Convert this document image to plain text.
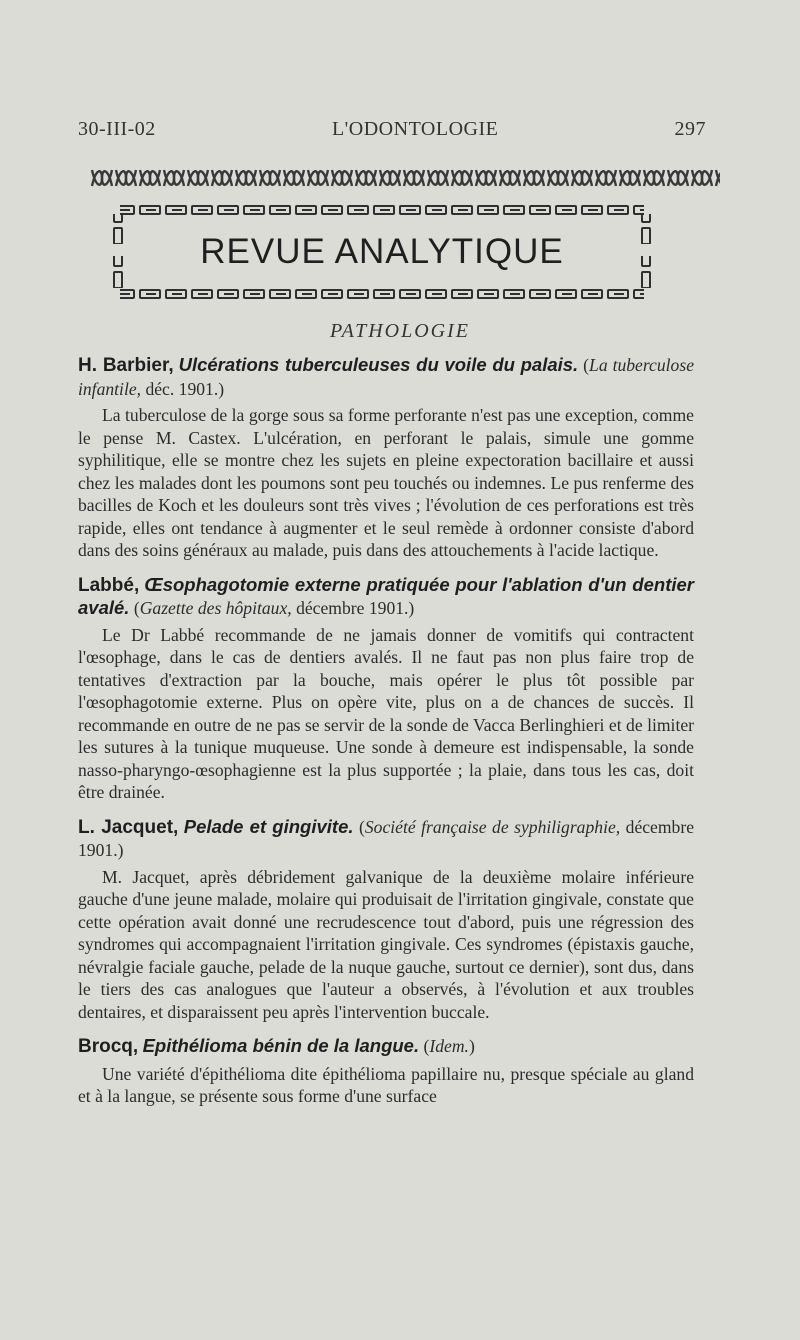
30-III-02	L'ODONTOLOGIE	297
REVUE ANALYTIQUE
PATHOLOGIE

H. Barbier, Ulcérations tuberculeuses du voile du palais. (La tuberculose infantile, déc. 1901.)

La tuberculose de la gorge sous sa forme perforante n'est pas une exception, comme le pense M. Castex. L'ulcération, en perforant le palais, simule une gomme syphilitique, elle se montre chez les sujets en pleine expectoration bacillaire et aussi chez les malades dont les poumons sont peu touchés ou indemnes. Le pus renferme des bacilles de Koch et les douleurs sont très vives ; l'évolution de ces perforations est très rapide, elles ont tendance à augmenter et le seul remède à ordonner consiste d'abord dans des soins généraux au malade, puis dans des attouchements à l'acide lactique.

Labbé, Œsophagotomie externe pratiquée pour l'ablation d'un dentier avalé. (Gazette des hôpitaux, décembre 1901.)

Le Dr Labbé recommande de ne jamais donner de vomitifs qui contractent l'œsophage, dans le cas de dentiers avalés. Il ne faut pas non plus faire trop de tentatives d'extraction par la bouche, mais opérer le plus tôt possible par l'œsophagotomie externe. Plus on opère vite, plus on a de chances de succès. Il recommande en outre de ne pas se servir de la sonde de Vacca Berlinghieri et de limiter les sutures à la tunique muqueuse. Une sonde à demeure est indispensable, la sonde nasso-pharyngo-œsophagienne est la plus supportée ; la plaie, dans tous les cas, doit être drainée.

L. Jacquet, Pelade et gingivite. (Société française de syphiligraphie, décembre 1901.)

M. Jacquet, après débridement galvanique de la deuxième molaire inférieure gauche d'une jeune malade, molaire qui produisait de l'irritation gingivale, constate que cette opération avait donné une recrudescence tout d'abord, puis une régression des syndromes qui accompagnaient l'irritation gingivale. Ces syndromes (épistaxis gauche, névralgie faciale gauche, pelade de la nuque gauche, surtout ce dernier), sont dus, dans le tiers des cas analogues que l'auteur a observés, à l'évolution et aux troubles dentaires, et disparaissent peu après l'intervention buccale.

Brocq, Epithélioma bénin de la langue. (Idem.)

Une variété d'épithélioma dite épithélioma papillaire nu, presque spéciale au gland et à la langue, se présente sous forme d'une surface
